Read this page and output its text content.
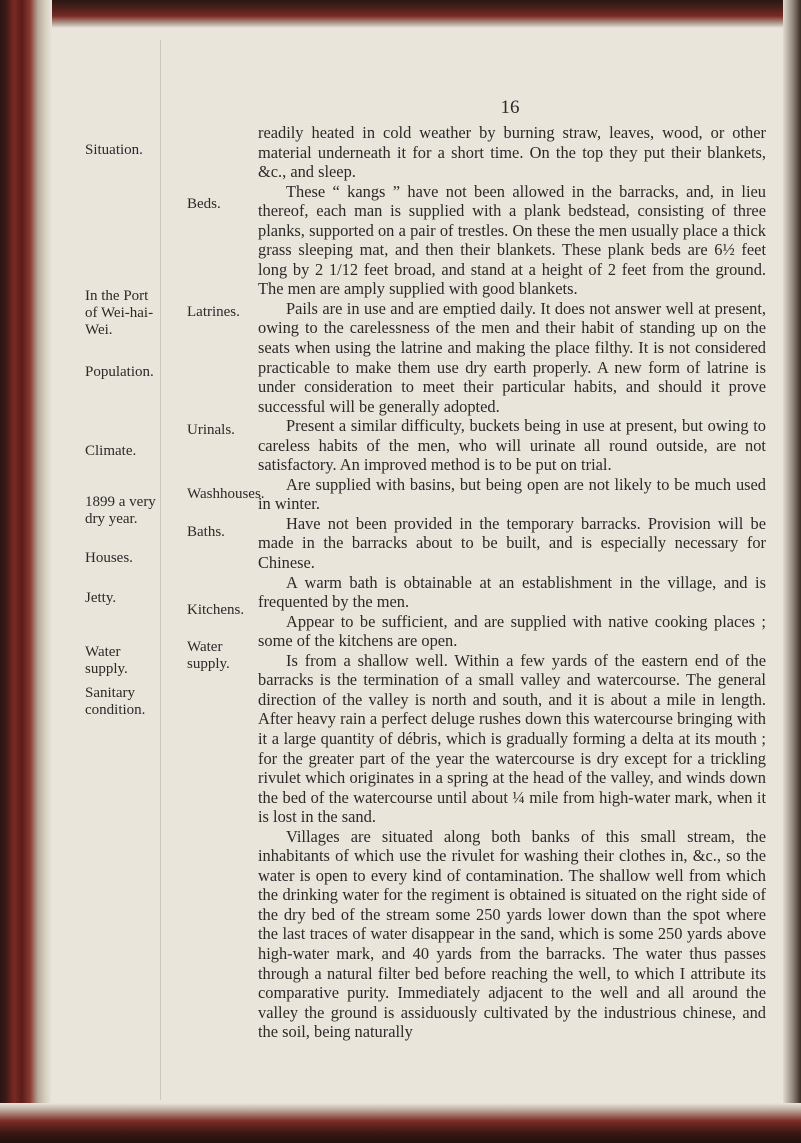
16
Situation.
In the Port
of Wei-hai-
Wei.
Population.
Climate.
1899 a very
dry year.
Houses.
Jetty.
Water
supply.
Sanitary
condition.
Beds.
Latrines.
Urinals.
Washhouses.
Baths.
Kitchens.
Water
supply.

readily heated in cold weather by burning straw, leaves, wood, or other material underneath it for a short time. On the top they put their blankets, &c., and sleep.

These “ kangs ” have not been allowed in the barracks, and, in lieu thereof, each man is supplied with a plank bedstead, consisting of three planks, supported on a pair of trestles. On these the men usually place a thick grass sleeping mat, and then their blankets. These plank beds are 6½ feet long by 2 1/12 feet broad, and stand at a height of 2 feet from the ground. The men are amply supplied with good blankets.

Pails are in use and are emptied daily. It does not answer well at present, owing to the carelessness of the men and their habit of standing up on the seats when using the latrine and making the place filthy. It is not considered practicable to make them use dry earth properly. A new form of latrine is under consideration to meet their particular habits, and should it prove successful will be generally adopted.

Present a similar difficulty, buckets being in use at present, but owing to careless habits of the men, who will urinate all round outside, are not satisfactory. An improved method is to be put on trial.

Are supplied with basins, but being open are not likely to be much used in winter.

Have not been provided in the temporary barracks. Provision will be made in the barracks about to be built, and is especially necessary for Chinese.

A warm bath is obtainable at an establishment in the village, and is frequented by the men.

Appear to be sufficient, and are supplied with native cooking places ; some of the kitchens are open.

Is from a shallow well. Within a few yards of the eastern end of the barracks is the termination of a small valley and watercourse. The general direction of the valley is north and south, and it is about a mile in length. After heavy rain a perfect deluge rushes down this watercourse bringing with it a large quantity of débris, which is gradually forming a delta at its mouth ; for the greater part of the year the watercourse is dry except for a trickling rivulet which originates in a spring at the head of the valley, and winds down the bed of the watercourse until about ¼ mile from high-water mark, when it is lost in the sand.

Villages are situated along both banks of this small stream, the inhabitants of which use the rivulet for washing their clothes in, &c., so the water is open to every kind of contamination. The shallow well from which the drinking water for the regiment is obtained is situated on the right side of the dry bed of the stream some 250 yards lower down than the spot where the last traces of water disappear in the sand, which is some 250 yards above high-water mark, and 40 yards from the barracks. The water thus passes through a natural filter bed before reaching the well, to which I attribute its comparative purity. Immediately adjacent to the well and all around the valley the ground is assiduously cultivated by the industrious chinese, and the soil, being naturally
